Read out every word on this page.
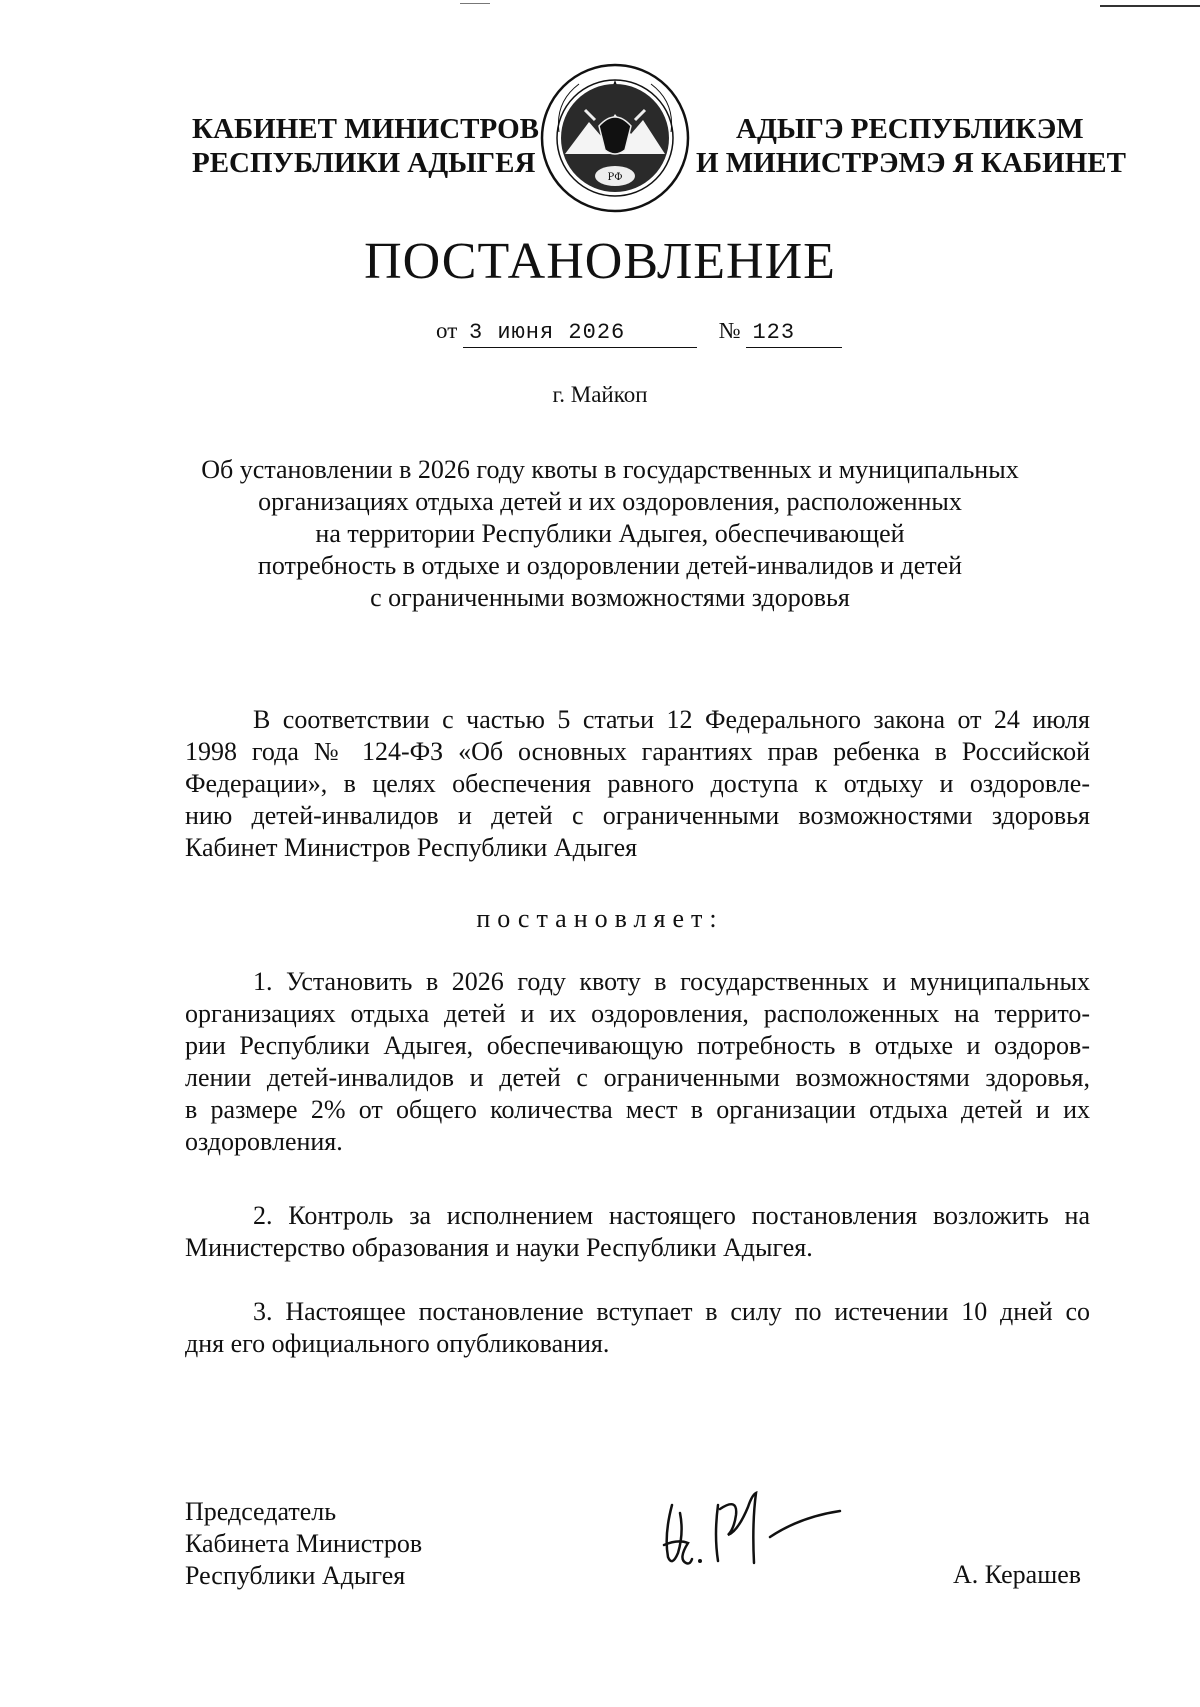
КАБИНЕТ МИНИСТРОВ
РЕСПУБЛИКИ АДЫГЕЯ	РФ
АДЫГЭ РЕСПУБЛИКЭМ
И МИНИСТРЭМЭ Я КАБИНЕТ
ПОСТАНОВЛЕНИЕ
от 3 июня 2026	№ 123
г. Майкоп
Об установлении в 2026 году квоты в государственных и муниципальных
организациях отдыха детей и их оздоровления, расположенных
на территории Республики Адыгея, обеспечивающей
потребность в отдыхе и оздоровлении детей-инвалидов и детей
с ограниченными возможностями здоровья
В соответствии с частью 5 статьи 12 Федерального закона от 24 июля
1998 года № 124-ФЗ «Об основных гарантиях прав ребенка в Российской
Федерации», в целях обеспечения равного доступа к отдыху и оздоровле-
нию детей-инвалидов и детей с ограниченными возможностями здоровья
Кабинет Министров Республики Адыгея
постановляет:
1. Установить в 2026 году квоту в государственных и муниципальных
организациях отдыха детей и их оздоровления, расположенных на террито-
рии Республики Адыгея, обеспечивающую потребность в отдыхе и оздоров-
лении детей-инвалидов и детей с ограниченными возможностями здоровья,
в размере 2% от общего количества мест в организации отдыха детей и их
оздоровления.
2. Контроль за исполнением настоящего постановления возложить на
Министерство образования и науки Республики Адыгея.
3. Настоящее постановление вступает в силу по истечении 10 дней со
дня его официального опубликования.
Председатель
Кабинета Министров
Республики Адыгея	А. Керашев
